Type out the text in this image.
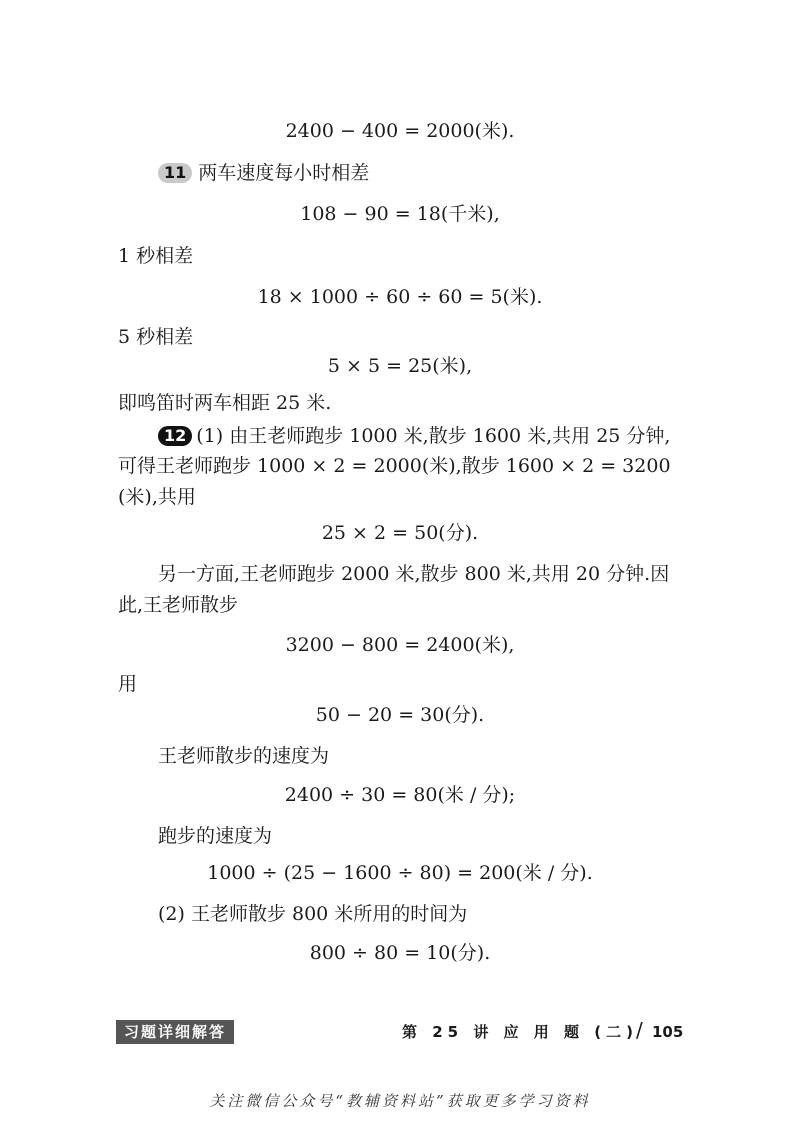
2400 − 400 = 2000(米).
11 两车速度每小时相差
108 − 90 = 18(千米),
1 秒相差
18 × 1000 ÷ 60 ÷ 60 = 5(米).
5 秒相差
5 × 5 = 25(米),
即鸣笛时两车相距 25 米.
12 (1) 由王老师跑步 1000 米,散步 1600 米,共用 25 分钟,
可得王老师跑步 1000 × 2 = 2000(米),散步 1600 × 2 = 3200
(米),共用
25 × 2 = 50(分).
另一方面,王老师跑步 2000 米,散步 800 米,共用 20 分钟.因
此,王老师散步
3200 − 800 = 2400(米),
用
50 − 20 = 30(分).
王老师散步的速度为
2400 ÷ 30 = 80(米 / 分);
跑步的速度为
1000 ÷ (25 − 1600 ÷ 80) = 200(米 / 分).
(2) 王老师散步 800 米所用的时间为
800 ÷ 80 = 10(分).
习题详细解答	第 25 讲 应 用 题 (二)
/ 105
关注微信公众号“教辅资料站”获取更多学习资料
